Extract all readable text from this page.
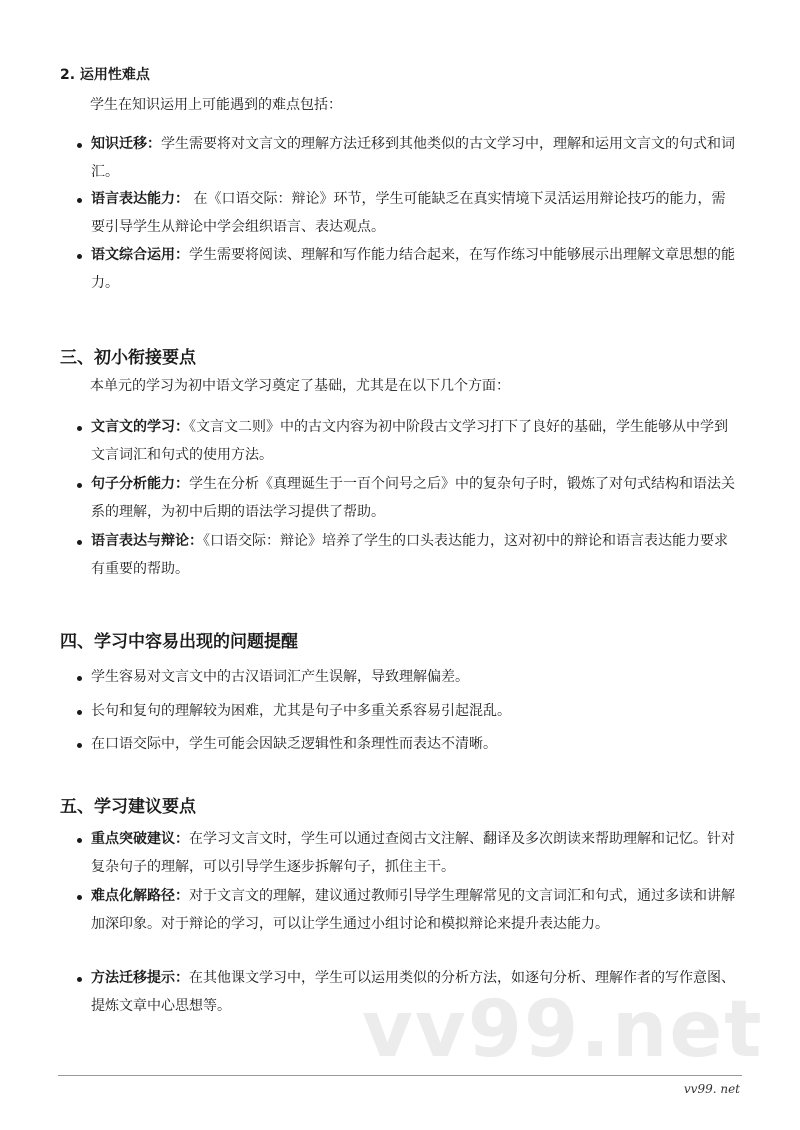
2. 运用性难点
学生在知识运用上可能遇到的难点包括：
知识迁移：学生需要将对文言文的理解方法迁移到其他类似的古文学习中，理解和运用文言文的句式和词汇。
语言表达能力： 在《口语交际：辩论》环节，学生可能缺乏在真实情境下灵活运用辩论技巧的能力，需要引导学生从辩论中学会组织语言、表达观点。
语文综合运用：学生需要将阅读、理解和写作能力结合起来，在写作练习中能够展示出理解文章思想的能力。
三、初小衔接要点
本单元的学习为初中语文学习奠定了基础，尤其是在以下几个方面：
文言文的学习：《文言文二则》中的古文内容为初中阶段古文学习打下了良好的基础，学生能够从中学到文言词汇和句式的使用方法。
句子分析能力：学生在分析《真理诞生于一百个问号之后》中的复杂句子时，锻炼了对句式结构和语法关系的理解，为初中后期的语法学习提供了帮助。
语言表达与辩论：《口语交际：辩论》培养了学生的口头表达能力，这对初中的辩论和语言表达能力要求有重要的帮助。
四、学习中容易出现的问题提醒
学生容易对文言文中的古汉语词汇产生误解，导致理解偏差。
长句和复句的理解较为困难，尤其是句子中多重关系容易引起混乱。
在口语交际中，学生可能会因缺乏逻辑性和条理性而表达不清晰。
五、学习建议要点
重点突破建议：在学习文言文时，学生可以通过查阅古文注解、翻译及多次朗读来帮助理解和记忆。针对复杂句子的理解，可以引导学生逐步拆解句子，抓住主干。
难点化解路径：对于文言文的理解，建议通过教师引导学生理解常见的文言词汇和句式，通过多读和讲解加深印象。对于辩论的学习，可以让学生通过小组讨论和模拟辩论来提升表达能力。
方法迁移提示：在其他课文学习中，学生可以运用类似的分析方法，如逐句分析、理解作者的写作意图、提炼文章中心思想等。	vv99.net
vv99. net
